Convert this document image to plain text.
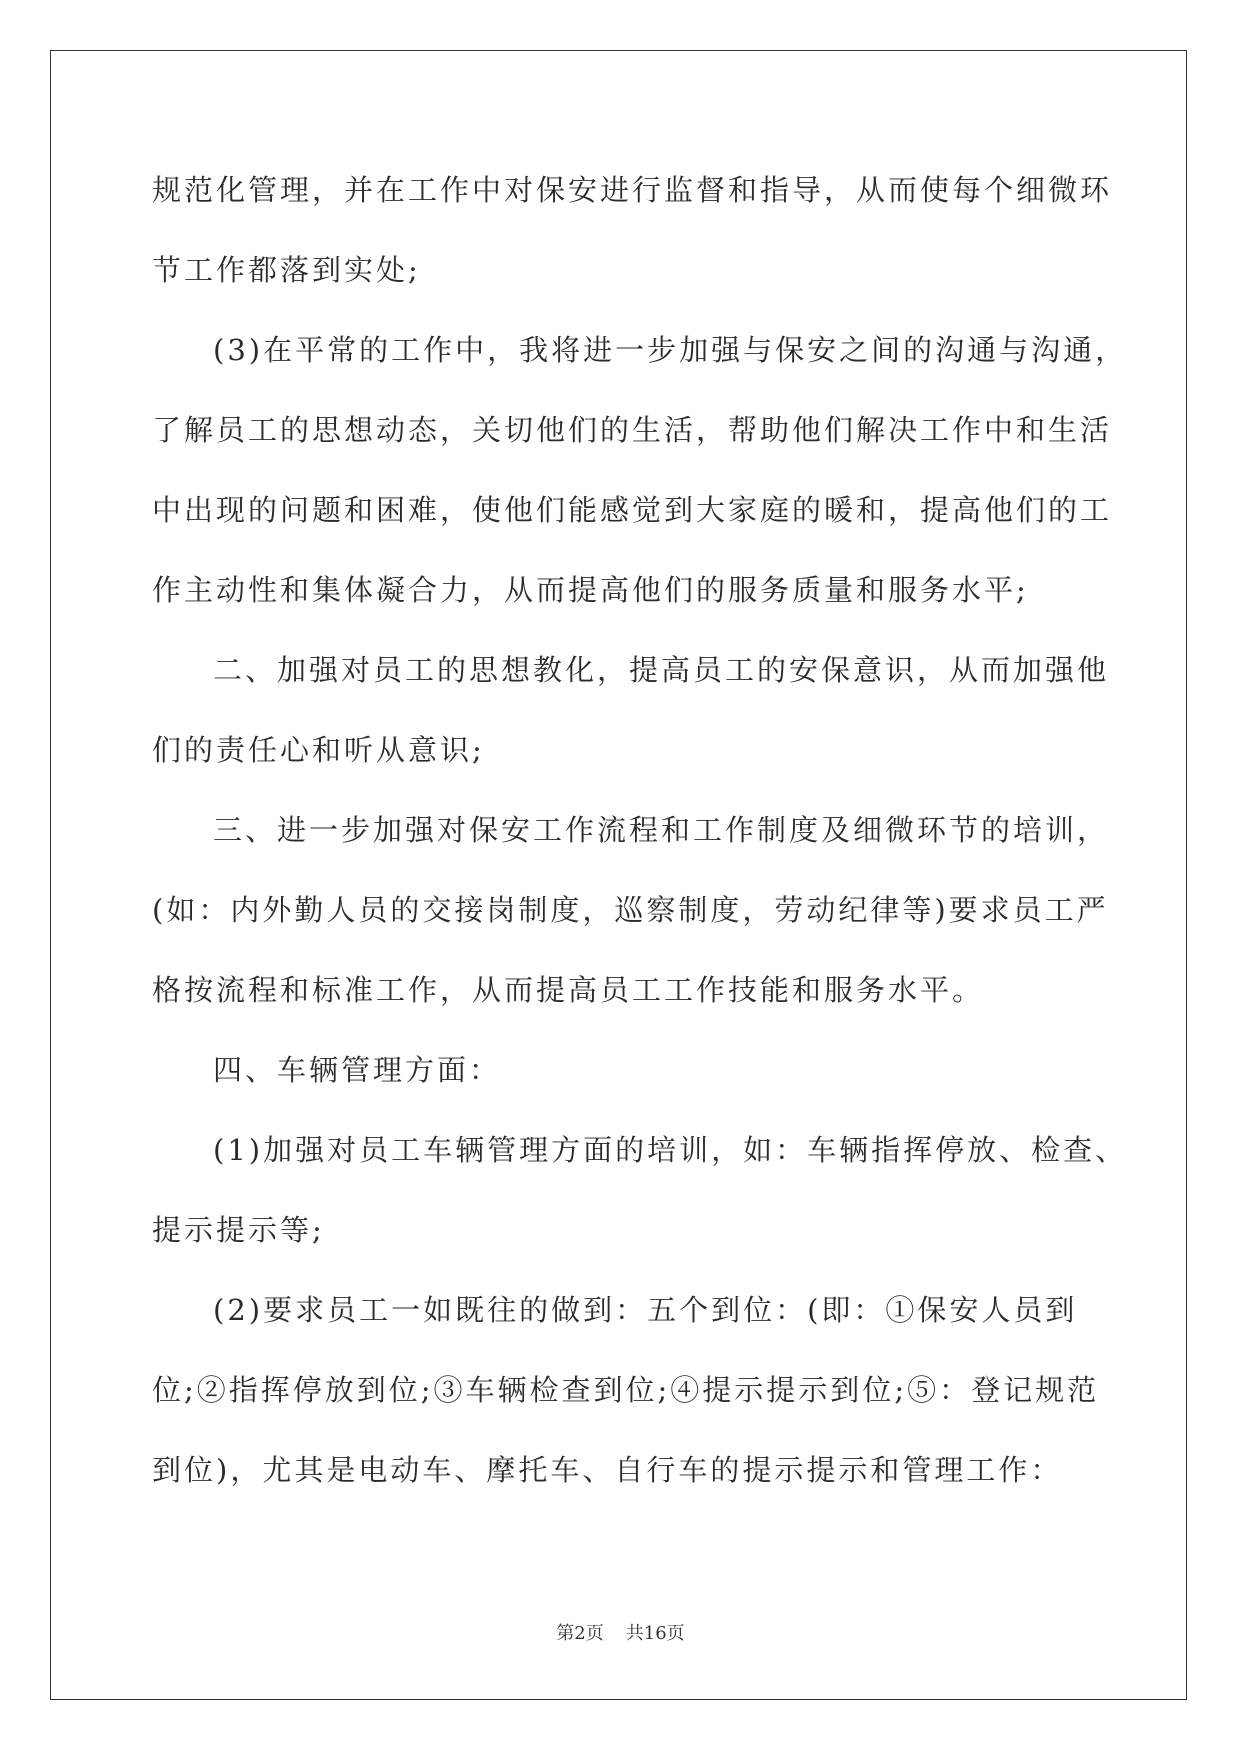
规范化管理，并在工作中对保安进行监督和指导，从而使每个细微环
节工作都落到实处;
(3)在平常的工作中，我将进一步加强与保安之间的沟通与沟通，
了解员工的思想动态，关切他们的生活，帮助他们解决工作中和生活
中出现的问题和困难，使他们能感觉到大家庭的暖和，提高他们的工
作主动性和集体凝合力，从而提高他们的服务质量和服务水平;
二、加强对员工的思想教化，提高员工的安保意识，从而加强他
们的责任心和听从意识;
三、进一步加强对保安工作流程和工作制度及细微环节的培训，
(如：内外勤人员的交接岗制度，巡察制度，劳动纪律等)要求员工严
格按流程和标准工作，从而提高员工工作技能和服务水平。
四、车辆管理方面：
(1)加强对员工车辆管理方面的培训，如：车辆指挥停放、检查、
提示提示等;
(2)要求员工一如既往的做到：五个到位：(即：①保安人员到
位;②指挥停放到位;③车辆检查到位;④提示提示到位;⑤：登记规范
到位)，尤其是电动车、摩托车、自行车的提示提示和管理工作：
第2页 共16页
